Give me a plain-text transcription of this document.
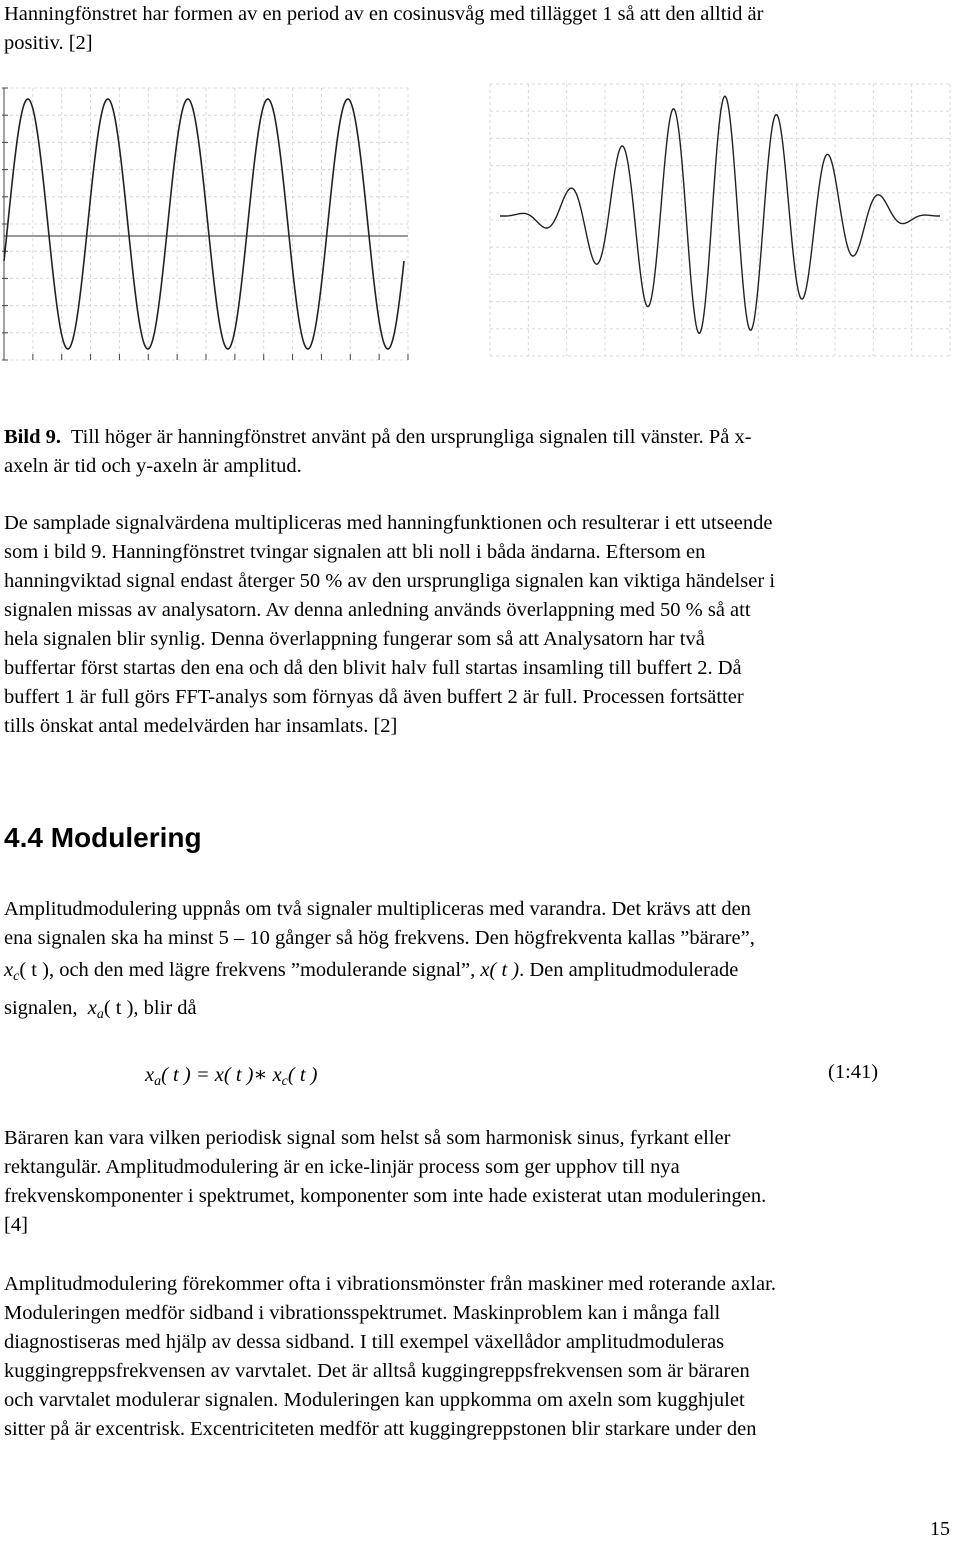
Hanningfönstret har formen av en period av en cosinusvåg med tillägget 1 så att den alltid är
positiv. [2]
Bild 9. Till höger är hanningfönstret använt på den ursprungliga signalen till vänster. På x-
axeln är tid och y-axeln är amplitud.
De samplade signalvärdena multipliceras med hanningfunktionen och resulterar i ett utseende
som i bild 9. Hanningfönstret tvingar signalen att bli noll i båda ändarna. Eftersom en
hanningviktad signal endast återger 50 % av den ursprungliga signalen kan viktiga händelser i
signalen missas av analysatorn. Av denna anledning används överlappning med 50 % så att
hela signalen blir synlig. Denna överlappning fungerar som så att Analysatorn har två
buffertar först startas den ena och då den blivit halv full startas insamling till buffert 2. Då
buffert 1 är full görs FFT-analys som förnyas då även buffert 2 är full. Processen fortsätter
tills önskat antal medelvärden har insamlats. [2]
4.4 Modulering
Amplitudmodulering uppnås om två signaler multipliceras med varandra. Det krävs att den
ena signalen ska ha minst 5 – 10 gånger så hög frekvens. Den högfrekventa kallas ”bärare”,
$x_c$( t ), och den med lägre frekvens ”modulerande signal”, x( t ). Den amplitudmodulerade
signalen, $x_a$( t ), blir då
$x_a$( t ) = x( t )∗ $x_c$( t )	(1:41)
Bäraren kan vara vilken periodisk signal som helst så som harmonisk sinus, fyrkant eller
rektangulär. Amplitudmodulering är en icke-linjär process som ger upphov till nya
frekvenskomponenter i spektrumet, komponenter som inte hade existerat utan moduleringen.
[4]
Amplitudmodulering förekommer ofta i vibrationsmönster från maskiner med roterande axlar.
Moduleringen medför sidband i vibrationsspektrumet. Maskinproblem kan i många fall
diagnostiseras med hjälp av dessa sidband. I till exempel växellådor amplitudmoduleras
kuggingreppsfrekvensen av varvtalet. Det är alltså kuggingreppsfrekvensen som är bäraren
och varvtalet modulerar signalen. Moduleringen kan uppkomma om axeln som kugghjulet
sitter på är excentrisk. Excentriciteten medför att kuggingreppstonen blir starkare under den
15
